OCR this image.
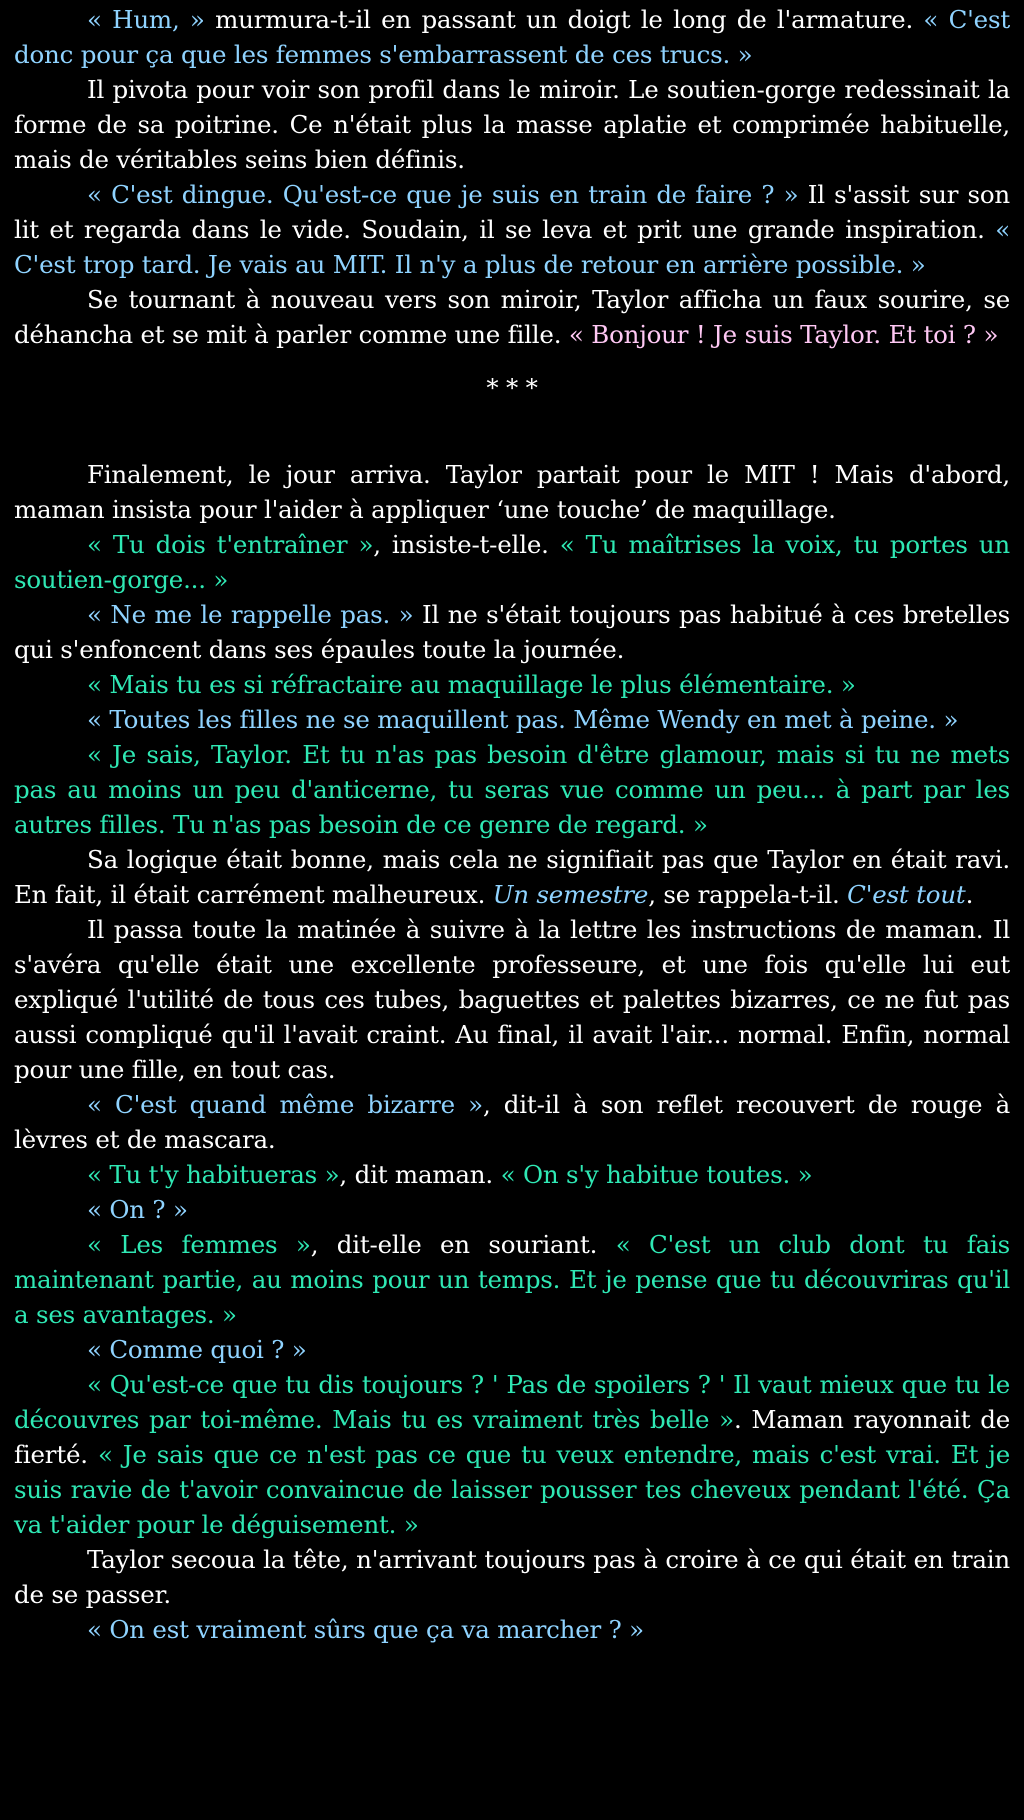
« Hum, » murmura-t-il en passant un doigt le long de l'armature. « C'est donc pour ça que les femmes s'embarrassent de ces trucs. »

Il pivota pour voir son profil dans le miroir. Le soutien-gorge redessinait la forme de sa poitrine. Ce n'était plus la masse aplatie et comprimée habituelle, mais de véritables seins bien définis.

« C'est dingue. Qu'est-ce que je suis en train de faire ? » Il s'assit sur son lit et regarda dans le vide. Soudain, il se leva et prit une grande inspiration. « C'est trop tard. Je vais au MIT. Il n'y a plus de retour en arrière possible. »

Se tournant à nouveau vers son miroir, Taylor afficha un faux sourire, se déhancha et se mit à parler comme une fille. « Bonjour ! Je suis Taylor. Et toi ? »

* * *

Finalement, le jour arriva. Taylor partait pour le MIT ! Mais d'abord, maman insista pour l'aider à appliquer ‘une touche’ de maquillage.

« Tu dois t'entraîner », insiste-t-elle. « Tu maîtrises la voix, tu portes un soutien-gorge... »

« Ne me le rappelle pas. » Il ne s'était toujours pas habitué à ces bretelles qui s'enfoncent dans ses épaules toute la journée.

« Mais tu es si réfractaire au maquillage le plus élémentaire. »

« Toutes les filles ne se maquillent pas. Même Wendy en met à peine. »

« Je sais, Taylor. Et tu n'as pas besoin d'être glamour, mais si tu ne mets pas au moins un peu d'anticerne, tu seras vue comme un peu... à part par les autres filles. Tu n'as pas besoin de ce genre de regard. »

Sa logique était bonne, mais cela ne signifiait pas que Taylor en était ravi. En fait, il était carrément malheureux. Un semestre, se rappela-t-il. C'est tout.

Il passa toute la matinée à suivre à la lettre les instructions de maman. Il s'avéra qu'elle était une excellente professeure, et une fois qu'elle lui eut expliqué l'utilité de tous ces tubes, baguettes et palettes bizarres, ce ne fut pas aussi compliqué qu'il l'avait craint. Au final, il avait l'air... normal. Enfin, normal pour une fille, en tout cas.

« C'est quand même bizarre », dit-il à son reflet recouvert de rouge à lèvres et de mascara.

« Tu t'y habitueras », dit maman. « On s'y habitue toutes. »

« On ? »

« Les femmes », dit-elle en souriant. « C'est un club dont tu fais maintenant partie, au moins pour un temps. Et je pense que tu découvriras qu'il a ses avantages. »

« Comme quoi ? »

« Qu'est-ce que tu dis toujours ? ' Pas de spoilers ? ' Il vaut mieux que tu le découvres par toi-même. Mais tu es vraiment très belle ». Maman rayonnait de fierté. « Je sais que ce n'est pas ce que tu veux entendre, mais c'est vrai. Et je suis ravie de t'avoir convaincue de laisser pousser tes cheveux pendant l'été. Ça va t'aider pour le déguisement. »

Taylor secoua la tête, n'arrivant toujours pas à croire à ce qui était en train de se passer.

« On est vraiment sûrs que ça va marcher ? »
